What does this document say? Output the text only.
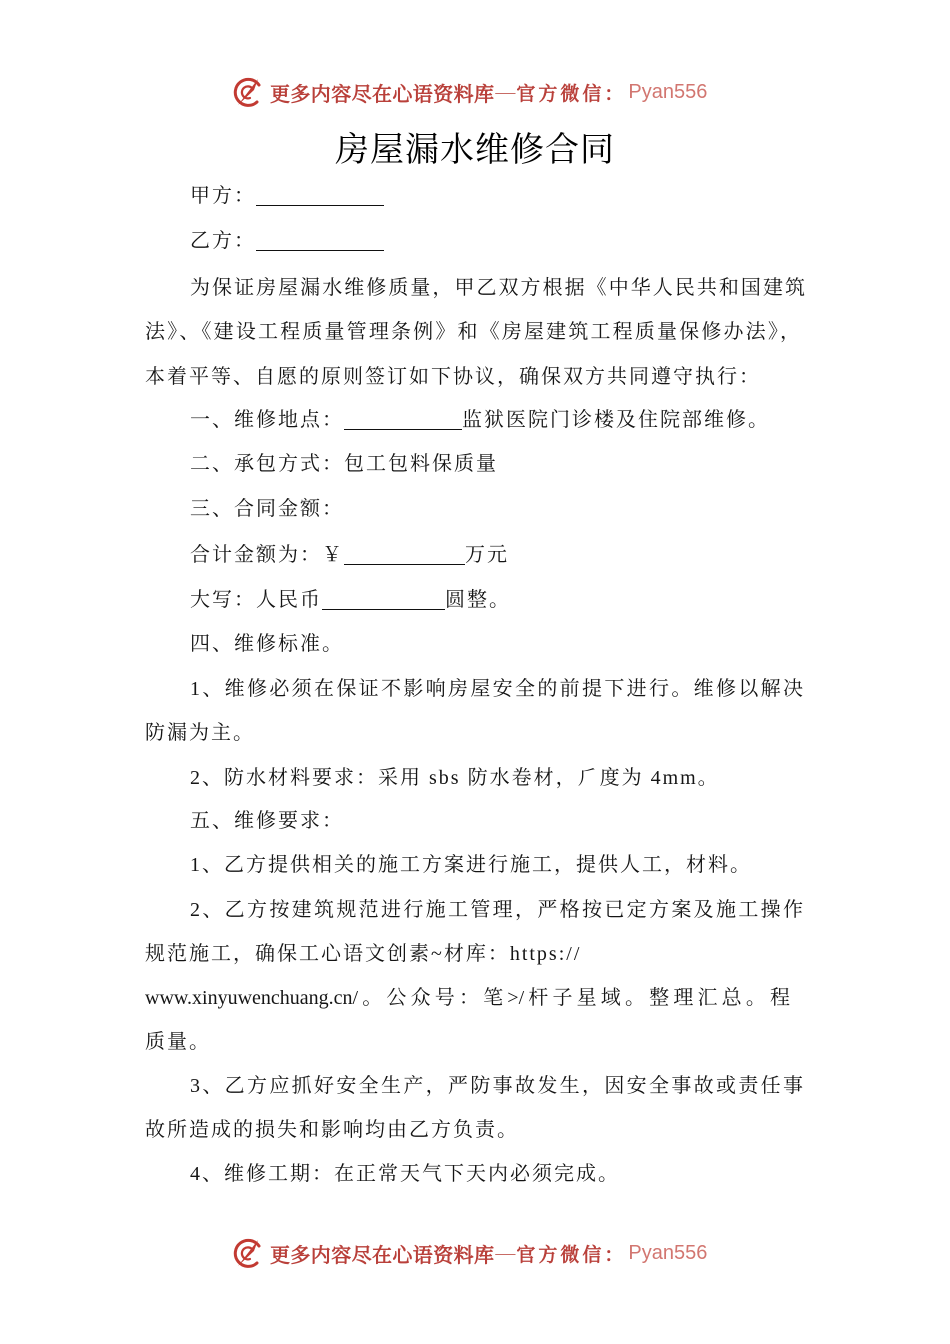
更多内容尽在心语资料库 — 官方微信： Pyan556
房屋漏水维修合同
甲方：
乙方：
为保证房屋漏水维修质量，甲乙双方根据《中华人民共和国建筑
法》、《建设工程质量管理条例》和《房屋建筑工程质量保修办法》，
本着平等、自愿的原则签订如下协议，确保双方共同遵守执行：
一、维修地点：	监狱医院门诊楼及住院部维修。
二、承包方式：包工包料保质量
三、合同金额：
合计金额为：￥	万元
大写：人民币	圆整。
四、维修标准。
1、维修必须在保证不影响房屋安全的前提下进行。维修以解决
防漏为主。
2、防水材料要求：采用 sbs 防水卷材，⺁度为 4mm。
五、维修要求：
1、乙方提供相关的施工方案进行施工，提供人工，材料。
2、乙方按建筑规范进行施工管理，严格按已定方案及施工操作
规范施工，确保工心语文创素~材库：https://
www.xinyuwenchuang.cn/。公众号：笔>/杆子星域。整理汇总。程
质量。
3、乙方应抓好安全生产，严防事故发生，因安全事故或责任事
故所造成的损失和影响均由乙方负责。
4、维修工期：在正常天气下天内必须完成。
更多内容尽在心语资料库 — 官方微信： Pyan556
